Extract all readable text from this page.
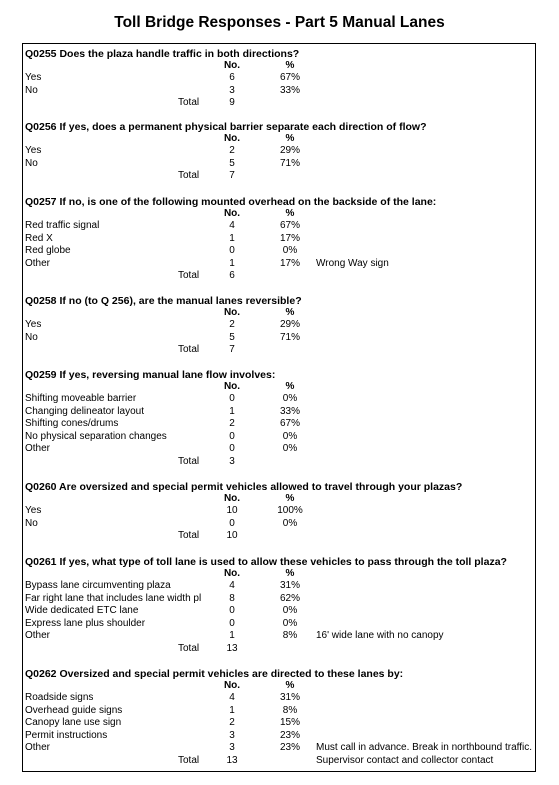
Toll Bridge Responses - Part 5 Manual Lanes
Q0255 Does the plaza handle traffic in both directions?
No.	%
Yes	6	67%
No	3	33%
Total	9
Q0256 If yes, does a permanent physical barrier separate each direction of flow?
No.	%
Yes	2	29%
No	5	71%
Total	7
Q0257 If no, is one of the following mounted overhead on the backside of the lane:
No.	%
Red traffic signal	4	67%
Red X	1	17%
Red globe	0	0%
Other	1	17%	Wrong Way sign
Total	6
Q0258 If no (to Q 256), are the manual lanes reversible?
No.	%
Yes	2	29%
No	5	71%
Total	7
Q0259 If yes, reversing manual lane flow involves:
No.	%
Shifting moveable barrier	0	0%
Changing delineator layout	1	33%
Shifting cones/drums	2	67%
No physical separation changes	0	0%
Other	0	0%
Total	3
Q0260 Are oversized and special permit vehicles allowed to travel through your plazas?
No.	%
Yes	10	100%
No	0	0%
Total	10
Q0261 If yes, what type of toll lane is used to allow these vehicles to pass through the toll plaza?
No.	%
Bypass lane circumventing plaza	4	31%
Far right lane that includes lane width pl	8	62%
Wide dedicated ETC lane	0	0%
Express lane plus shoulder	0	0%
Other	1	8%	16' wide lane with no canopy
Total	13
Q0262 Oversized and special permit vehicles are directed to these lanes by:
No.	%
Roadside signs	4	31%
Overhead guide signs	1	8%
Canopy lane use sign	2	15%
Permit instructions	3	23%
Other	3	23%	Must call in advance. Break in northbound traffic.
Total	13	Supervisor contact and collector contact
